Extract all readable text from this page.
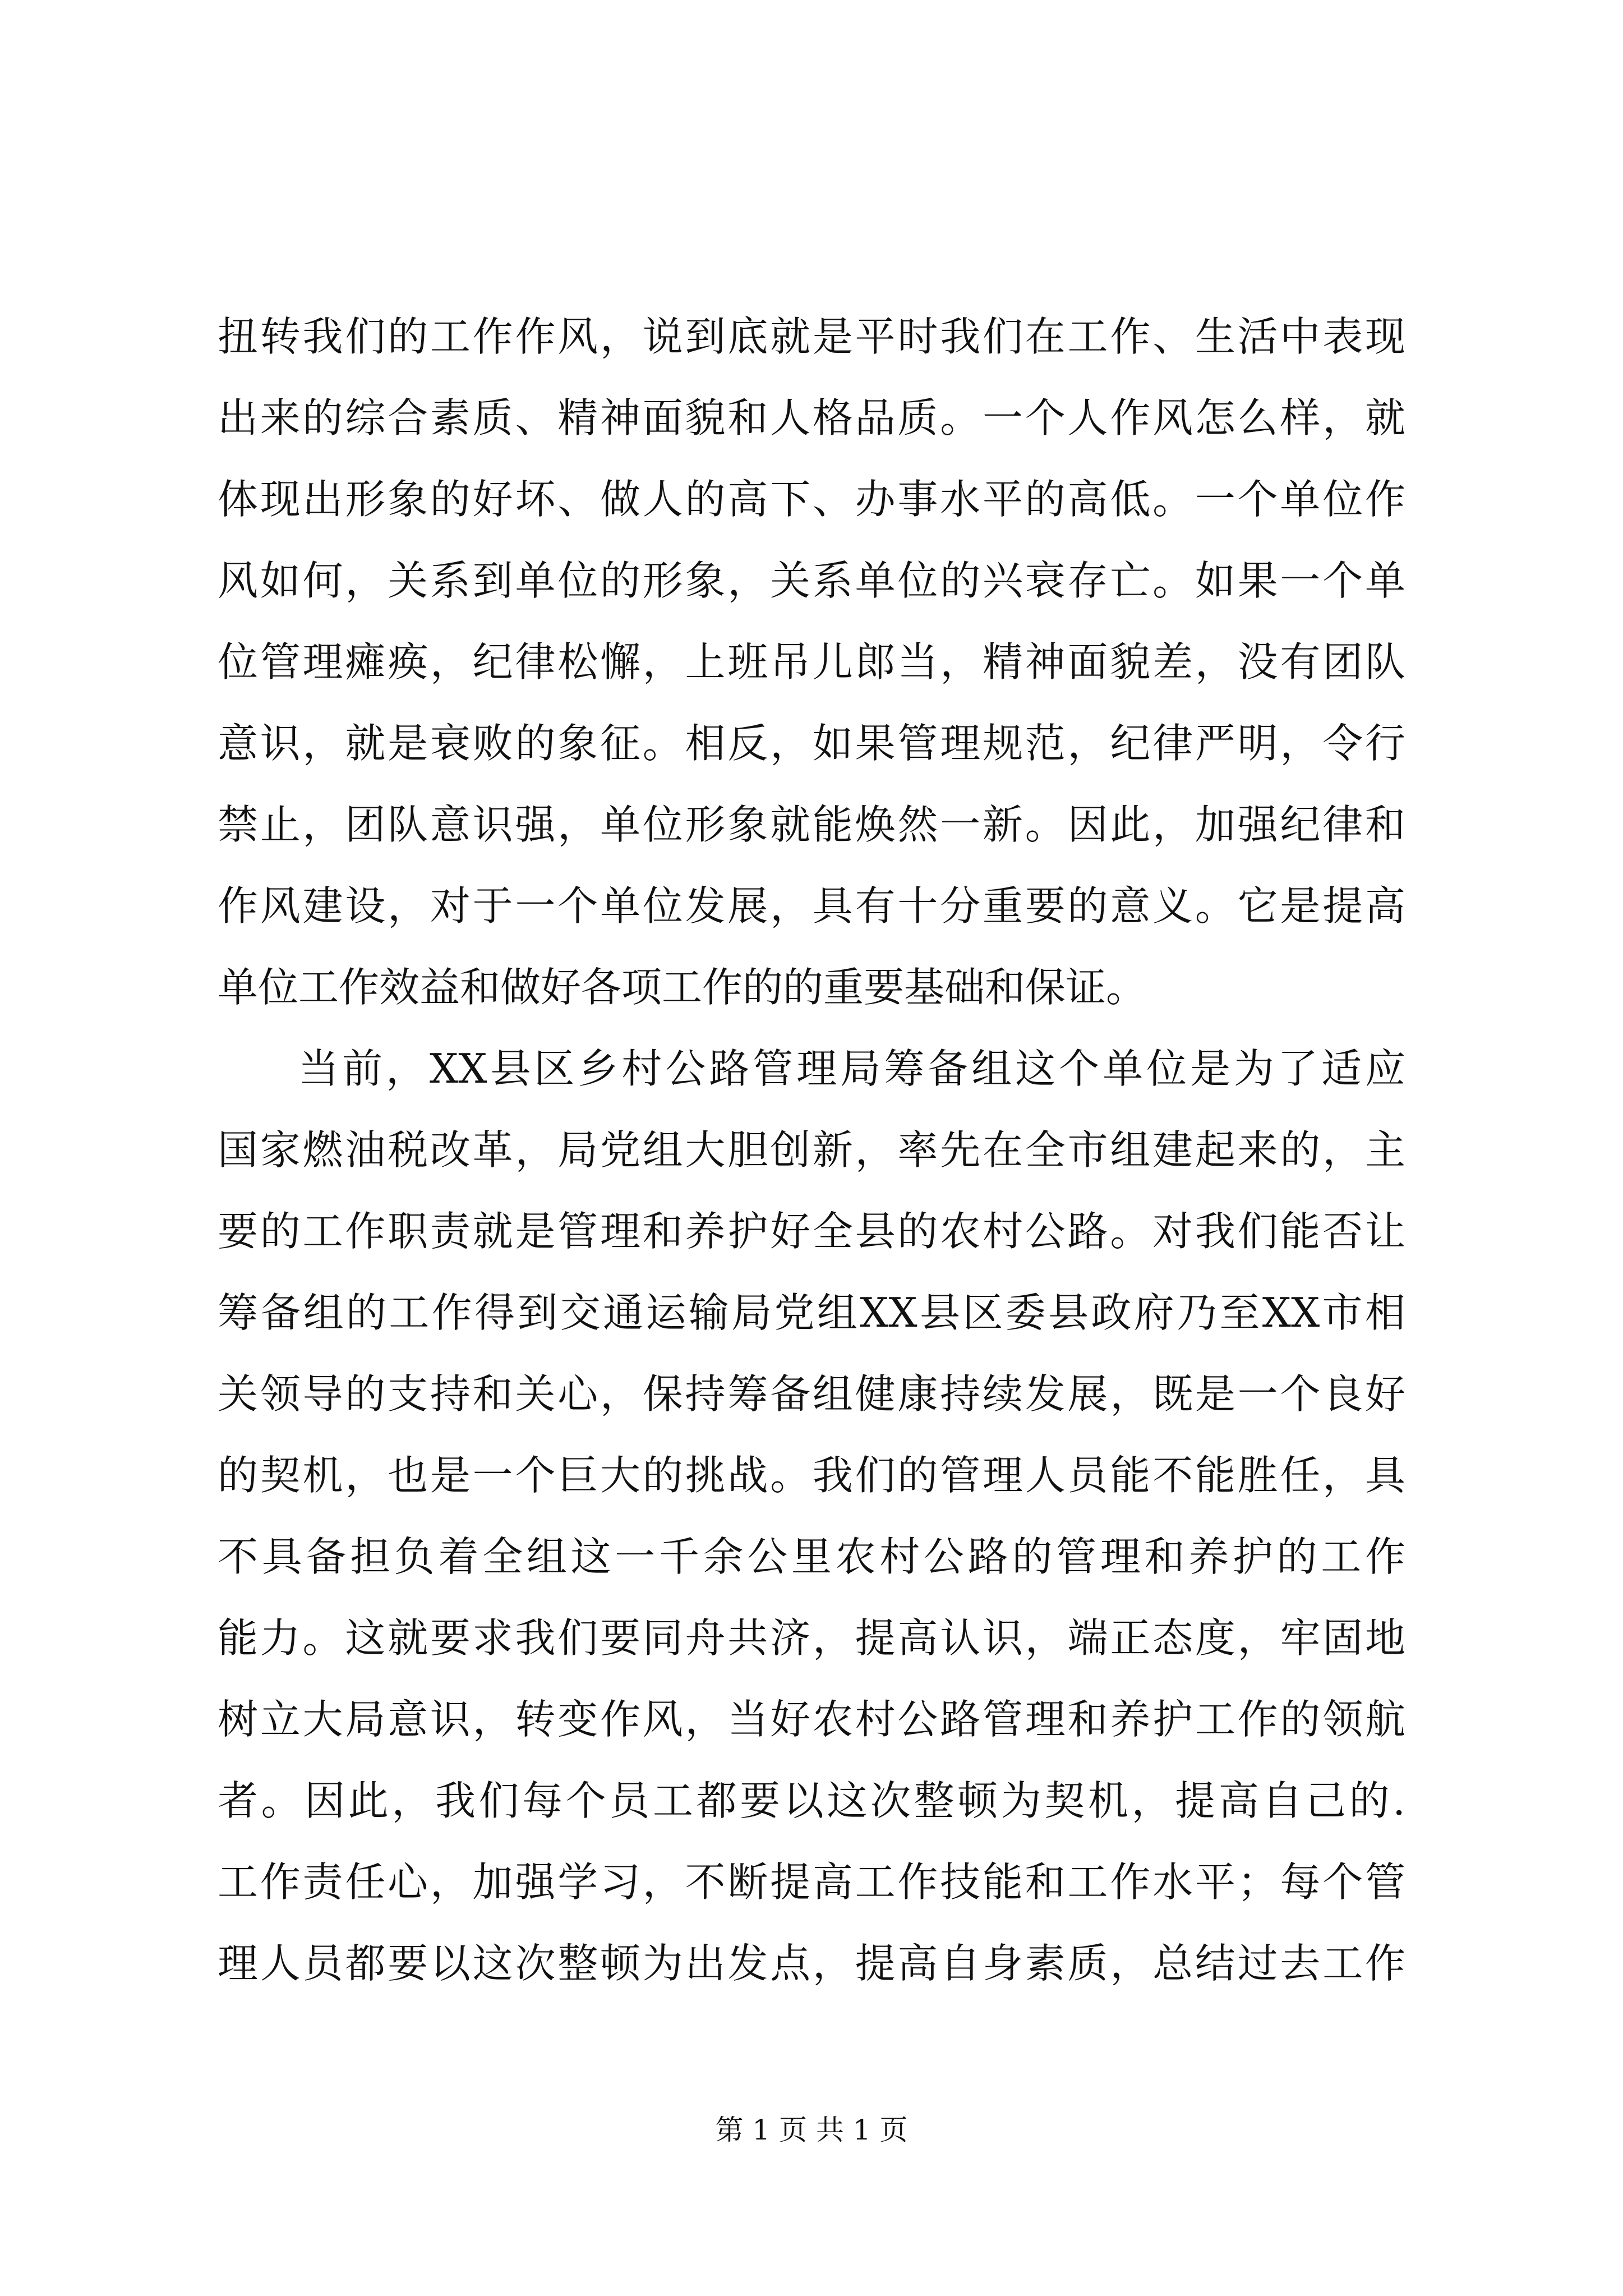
扭转我们的工作作风，说到底就是平时我们在工作、生活中表现
出来的综合素质、精神面貌和人格品质。一个人作风怎么样，就
体现出形象的好坏、做人的高下、办事水平的高低。一个单位作
风如何，关系到单位的形象，关系单位的兴衰存亡。如果一个单
位管理瘫痪，纪律松懈，上班吊儿郎当，精神面貌差，没有团队
意识，就是衰败的象征。相反，如果管理规范，纪律严明，令行
禁止，团队意识强，单位形象就能焕然一新。因此，加强纪律和
作风建设，对于一个单位发展，具有十分重要的意义。它是提高
单位工作效益和做好各项工作的的重要基础和保证。
当前，XX县区乡村公路管理局筹备组这个单位是为了适应
国家燃油税改革，局党组大胆创新，率先在全市组建起来的，主
要的工作职责就是管理和养护好全县的农村公路。对我们能否让
筹备组的工作得到交通运输局党组XX县区委县政府乃至XX市相
关领导的支持和关心，保持筹备组健康持续发展，既是一个良好
的契机，也是一个巨大的挑战。我们的管理人员能不能胜任，具
不具备担负着全组这一千余公里农村公路的管理和养护的工作
能力。这就要求我们要同舟共济，提高认识，端正态度，牢固地
树立大局意识，转变作风，当好农村公路管理和养护工作的领航
者。因此，我们每个员工都要以这次整顿为契机，提高自己的.
工作责任心，加强学习，不断提高工作技能和工作水平；每个管
理人员都要以这次整顿为出发点，提高自身素质，总结过去工作
第 1 页 共 1 页
